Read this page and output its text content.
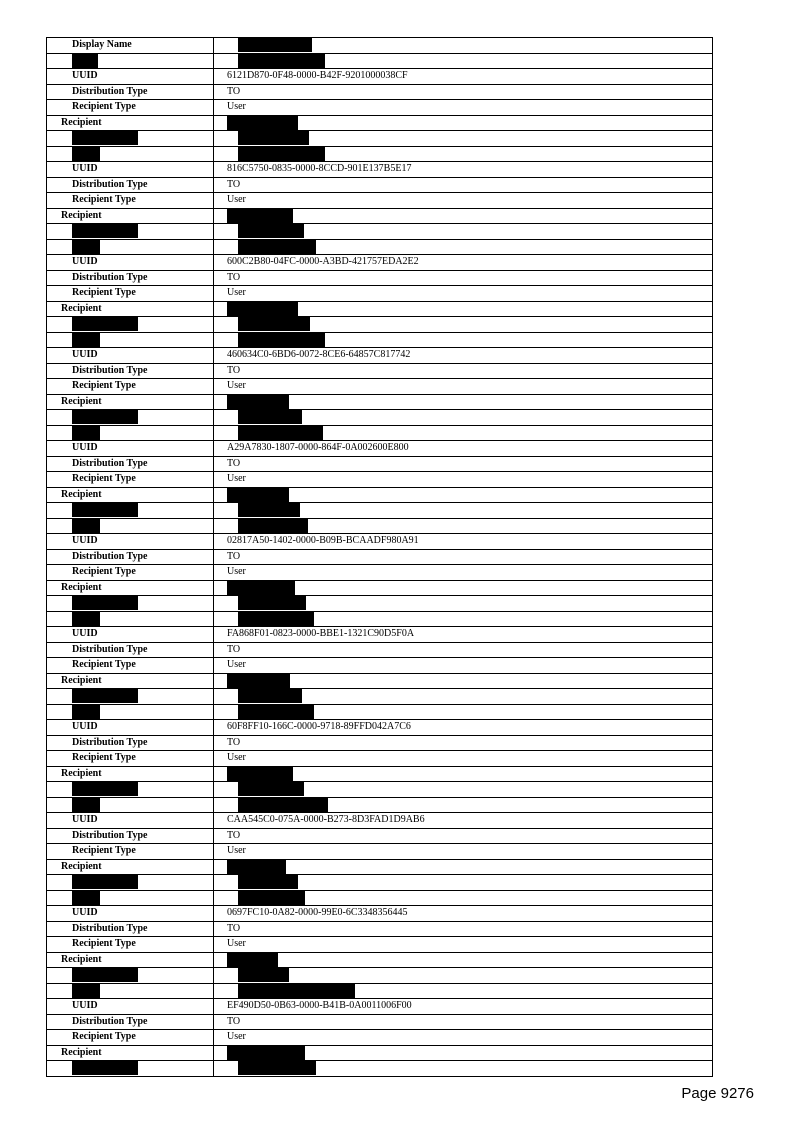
Display Name	

UUID	6121D870-0F48-0000-B42F-9201000038CF
Distribution Type	TO
Recipient Type	User
Recipient	

UUID	816C5750-0835-0000-8CCD-901E137B5E17
Distribution Type	TO
Recipient Type	User
Recipient	

UUID	600C2B80-04FC-0000-A3BD-421757EDA2E2
Distribution Type	TO
Recipient Type	User
Recipient	

UUID	460634C0-6BD6-0072-8CE6-64857C817742
Distribution Type	TO
Recipient Type	User
Recipient	

UUID	A29A7830-1807-0000-864F-0A002600E800
Distribution Type	TO
Recipient Type	User
Recipient	

UUID	02817A50-1402-0000-B09B-BCAADF980A91
Distribution Type	TO
Recipient Type	User
Recipient	

UUID	FA868F01-0823-0000-BBE1-1321C90D5F0A
Distribution Type	TO
Recipient Type	User
Recipient	

UUID	60F8FF10-166C-0000-9718-89FFD042A7C6
Distribution Type	TO
Recipient Type	User
Recipient	

UUID	CAA545C0-075A-0000-B273-8D3FAD1D9AB6
Distribution Type	TO
Recipient Type	User
Recipient	

UUID	0697FC10-0A82-0000-99E0-6C3348356445
Distribution Type	TO
Recipient Type	User
Recipient	

UUID	EF490D50-0B63-0000-B41B-0A0011006F00
Distribution Type	TO
Recipient Type	User
Recipient	

Page 9276
